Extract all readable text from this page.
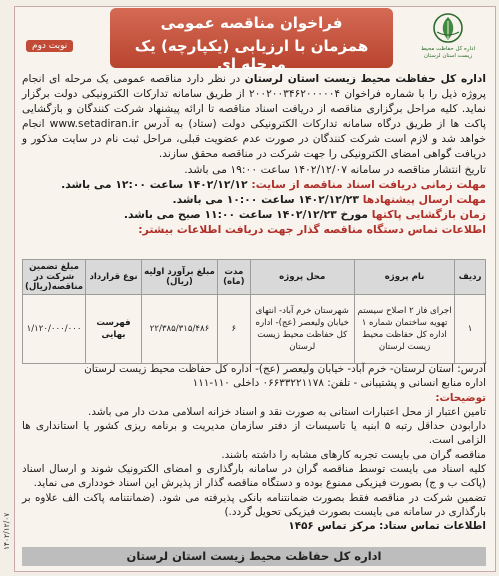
اداره کل حفاظت محیط زیست استان لرستان
فراخوان مناقصه عمومی
همزمان با ارزیابی (یکپارچه) یک مرحله ای
نوبت دوم

اداره کل حفاظت محیط زیست استان لرستان در نظر دارد مناقصه عمومی یک مرحله ای انجام پروژه ذیل را با شماره فراخوان ۲۰۰۲۰۰۳۴۶۲۰۰۰۰۰۴ از طریق سامانه تدارکات الکترونیکی دولت برگزار نماید. کلیه مراحل برگزاری مناقصه از دریافت اسناد مناقصه تا ارائه پیشنهاد شرکت کنندگان و بازگشایی پاکت ها از طریق درگاه سامانه تدارکات الکترونیکی دولت (ستاد) به آدرس www.setadiran.ir انجام خواهد شد و لازم است شرکت کنندگان در صورت عدم عضویت قبلی، مراحل ثبت نام در سایت مذکور و دریافت گواهی امضای الکترونیکی را جهت شرکت در مناقصه محقق سازند.

تاریخ انتشار مناقصه در سامانه ۱۴۰۲/۱۲/۰۷ ساعت ۱۹:۰۰ می باشد.

مهلت زمانی دریافت اسناد مناقصه از سایت: ۱۴۰۲/۱۲/۱۲ ساعت ۱۲:۰۰ می باشد.

مهلت ارسال پیشنهادها ۱۴۰۲/۱۲/۲۳ ساعت ۱۰:۰۰ می باشد.

زمان بازگشایی پاکتها مورخ ۱۴۰۲/۱۲/۲۳ ساعت ۱۱:۰۰ صبح می باشد.

اطلاعات تماس دستگاه مناقصه گذار جهت دریافت اطلاعات بیشتر:

ردیف	نام پروژه	محل پروژه	مدت (ماه)	مبلغ برآورد اولیه (ریال)	نوع قرارداد	مبلغ تضمین شرکت در مناقصه(ریال)
۱	اجرای فاز ۲ اصلاح سیستم تهویه ساختمان شماره ۱ اداره کل حفاظت محیط زیست لرستان	شهرستان خرم آباد- انتهای خیابان ولیعصر (عج)- اداره کل حفاظت محیط زیست لرستان	۶	۲۲/۳۸۵/۳۱۵/۴۸۶	فهرست بهایی	۱/۱۲۰/۰۰۰/۰۰۰

آدرس: استان لرستان- خرم آباد- خیابان ولیعصر (عج)- اداره کل حفاظت محیط زیست لرستان

اداره منابع انسانی و پشتیبانی - تلفن: ۰۶۶۳۳۲۲۱۱۷۸ داخلی ۱۱۰-۱۱۱

توضیحات:

تامین اعتبار از محل اعتبارات استانی به صورت نقد و اسناد خزانه اسلامی مدت دار می باشد.

دارابودن حداقل رتبه ۵ ابنیه یا تاسیسات از دفتر سازمان مدیریت و برنامه ریزی کشور یا استانداری ها الزامی است.

مناقصه گران می بایست تجربه کارهای مشابه را داشته باشند.

کلیه اسناد می بایست توسط مناقصه گران در سامانه بارگذاری و امضای الکترونیک شوند و ارسال اسناد (پاکت ب و ج) بصورت فیزیکی ممنوع بوده و دستگاه مناقصه گذار از پذیرش این اسناد خودداری می نماید.

تضمین شرکت در مناقصه فقط بصورت ضمانتنامه بانکی پذیرفته می شود. (ضمانتنامه پاکت الف علاوه بر بارگذاری در سامانه می بایست بصورت فیزیکی تحویل گردد.)

اطلاعات تماس ستاد: مرکز تماس ۱۴۵۶

اداره کل حفاظت محیط زیست استان لرستان
۱۴۰۲/۱۲/۰۷
